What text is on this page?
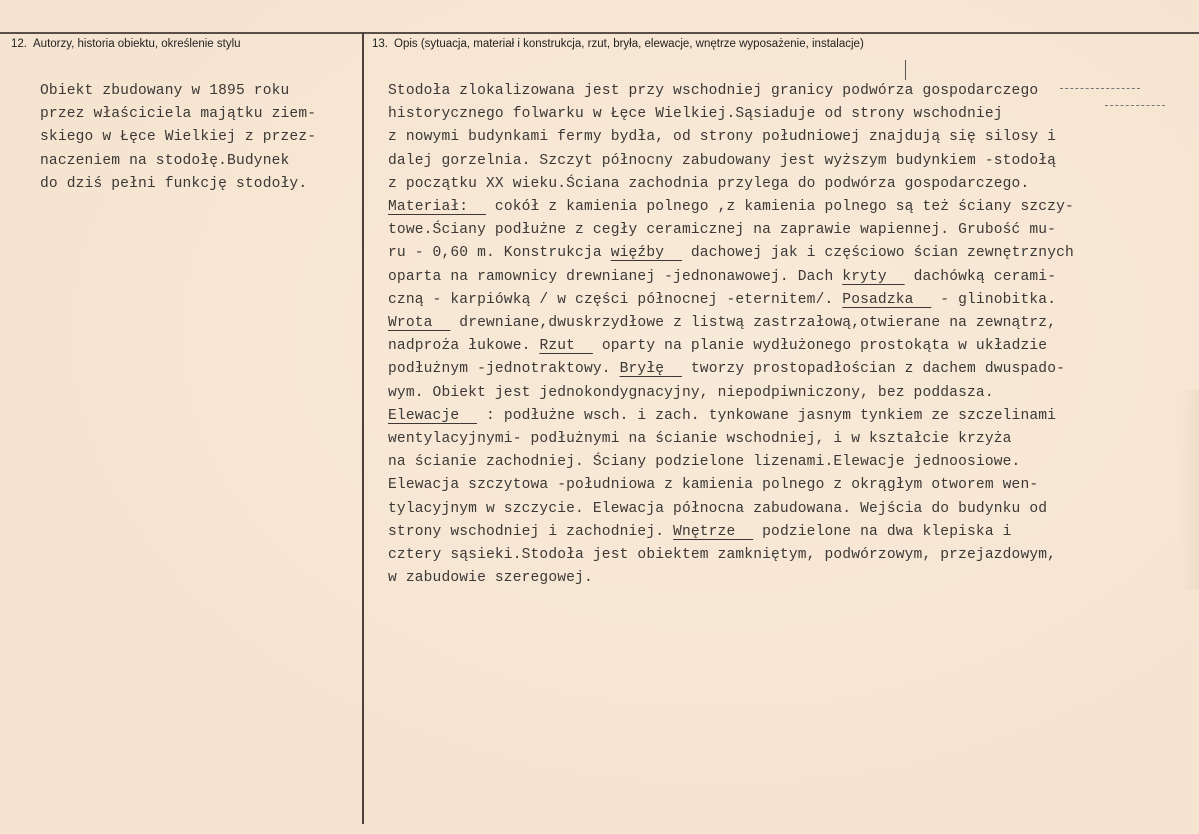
12. Autorzy, historia obiektu, określenie stylu	13. Opis (sytuacja, materiał i konstrukcja, rzut, bryła, elewacje, wnętrze wyposażenie, instalacje)
Obiekt zbudowany w 1895 roku
przez właściciela majątku ziem-
skiego w Łęce Wielkiej z przez-
naczeniem na stodołę.Budynek
do dziś pełni funkcję stodoły.
Stodoła zlokalizowana jest przy wschodniej granicy podwórza gospodarczego
historycznego folwarku w Łęce Wielkiej.Sąsiaduje od strony wschodniej
z nowymi budynkami fermy bydła, od strony południowej znajdują się silosy i
dalej gorzelnia. Szczyt północny zabudowany jest wyższym budynkiem -stodołą
z początku XX wieku.Ściana zachodnia przylega do podwórza gospodarczego.
Materiał: cokół z kamienia polnego ,z kamienia polnego są też ściany szczy-
towe.Ściany podłużne z cegły ceramicznej na zaprawie wapiennej. Grubość mu-
ru - 0,60 m. Konstrukcja więźby dachowej jak i częściowo ścian zewnętrznych
oparta na ramownicy drewnianej -jednonawowej. Dach kryty dachówką cerami-
czną - karpiówką / w części północnej -eternitem/. Posadzka - glinobitka.
Wrota drewniane,dwuskrzydłowe z listwą zastrzałową,otwierane na zewnątrz,
nadproża łukowe. Rzut oparty na planie wydłużonego prostokąta w układzie
podłużnym -jednotraktowy. Bryłę tworzy prostopadłościan z dachem dwuspado-
wym. Obiekt jest jednokondygnacyjny, niepodpiwniczony, bez poddasza.
Elewacje : podłużne wsch. i zach. tynkowane jasnym tynkiem ze szczelinami
wentylacyjnymi- podłużnymi na ścianie wschodniej, i w kształcie krzyża
na ścianie zachodniej. Ściany podzielone lizenami.Elewacje jednoosiowe.
Elewacja szczytowa -południowa z kamienia polnego z okrągłym otworem wen-
tylacyjnym w szczycie. Elewacja północna zabudowana. Wejścia do budynku od
strony wschodniej i zachodniej. Wnętrze podzielone na dwa klepiska i
cztery sąsieki.Stodoła jest obiektem zamkniętym, podwórzowym, przejazdowym,
w zabudowie szeregowej.
